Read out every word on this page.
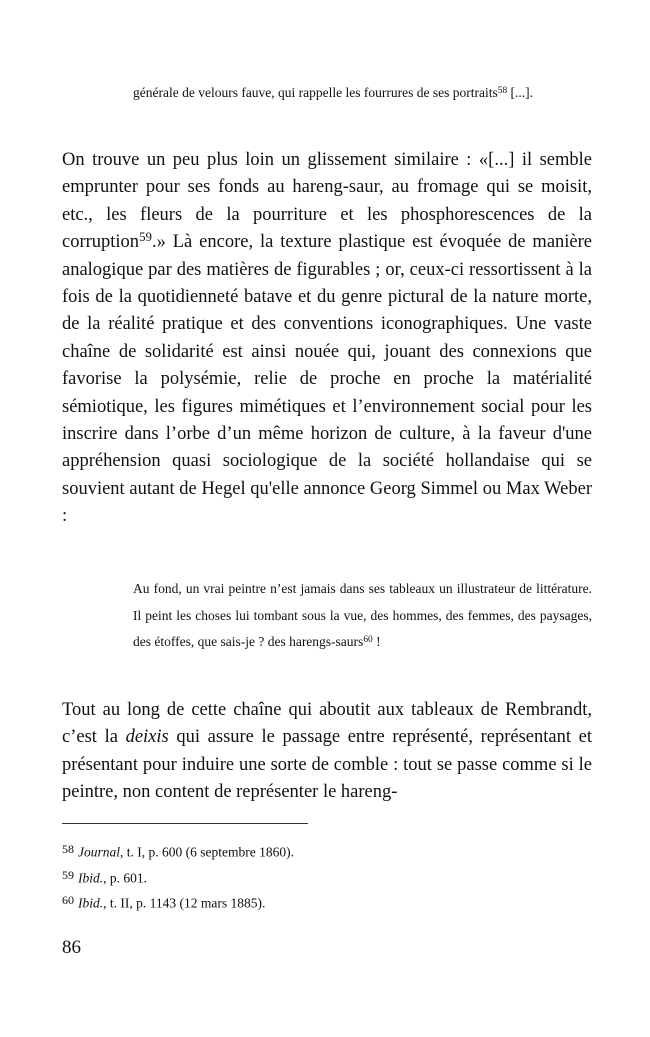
générale de velours fauve, qui rappelle les fourrures de ses portraits$^{58}$ [...].

On trouve un peu plus loin un glissement similaire : «[...] il semble emprunter pour ses fonds au hareng-saur, au fromage qui se moisit, etc., les fleurs de la pourriture et les phosphorescences de la corruption$^{59}$.» Là encore, la texture plastique est évoquée de manière analogique par des matières de figurables ; or, ceux-ci ressortissent à la fois de la quotidienneté batave et du genre pictural de la nature morte, de la réalité pratique et des conventions iconographiques. Une vaste chaîne de solidarité est ainsi nouée qui, jouant des connexions que favorise la polysémie, relie de proche en proche la matérialité sémiotique, les figures mimétiques et l’environnement social pour les inscrire dans l’orbe d’un même horizon de culture, à la faveur d'une appréhension quasi sociologique de la société hollandaise qui se souvient autant de Hegel qu'elle annonce Georg Simmel ou Max Weber :

Au fond, un vrai peintre n’est jamais dans ses tableaux un illustrateur de littérature. Il peint les choses lui tombant sous la vue, des hommes, des femmes, des paysages, des étoffes, que sais-je ? des harengs-saurs$^{60}$ !

Tout au long de cette chaîne qui aboutit aux tableaux de Rembrandt, c’est la deixis qui assure le passage entre représenté, représentant et présentant pour induire une sorte de comble : tout se passe comme si le peintre, non content de représenter le hareng-

58 Journal, t. I, p. 600 (6 septembre 1860).
59 Ibid., p. 601.
60 Ibid., t. II, p. 1143 (12 mars 1885).

86
